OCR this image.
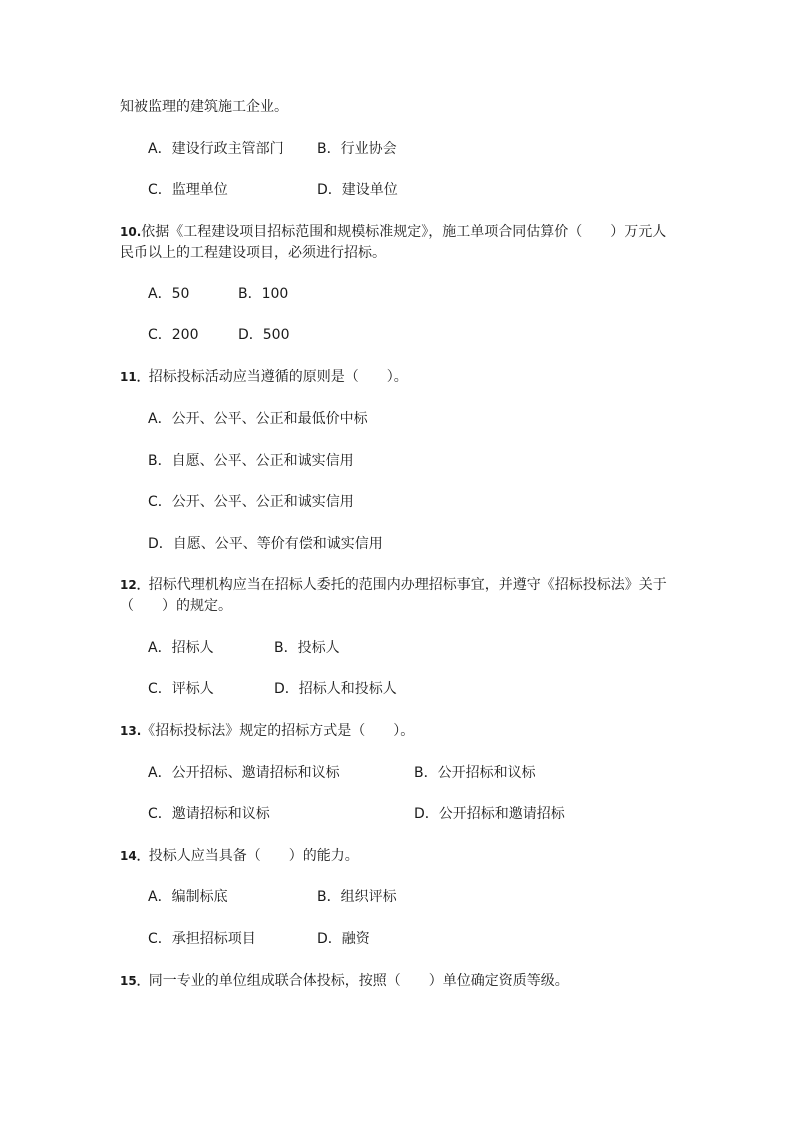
知被监理的建筑施工企业。
A．建设行政主管部门 B．行业协会
C．监理单位	D．建设单位
10.依据《工程建设项目招标范围和规模标准规定》，施工单项合同估算价（　　）万元人民币以上的工程建设项目，必须进行招标。
A．50	B．100
C．200	D．500
11．招标投标活动应当遵循的原则是（　　）。
A．公开、公平、公正和最低价中标
B．自愿、公平、公正和诚实信用
C．公开、公平、公正和诚实信用
D．自愿、公平、等价有偿和诚实信用
12．招标代理机构应当在招标人委托的范围内办理招标事宜，并遵守《招标投标法》关于（　　）的规定。
A．招标人	B．投标人
C．评标人	D．招标人和投标人
13.《招标投标法》规定的招标方式是（　　）。
A．公开招标、邀请招标和议标	B．公开招标和议标
C．邀请招标和议标	D．公开招标和邀请招标
14．投标人应当具备（　　）的能力。
A．编制标底	B．组织评标
C．承担招标项目	D．融资
15．同一专业的单位组成联合体投标，按照（　　）单位确定资质等级。
